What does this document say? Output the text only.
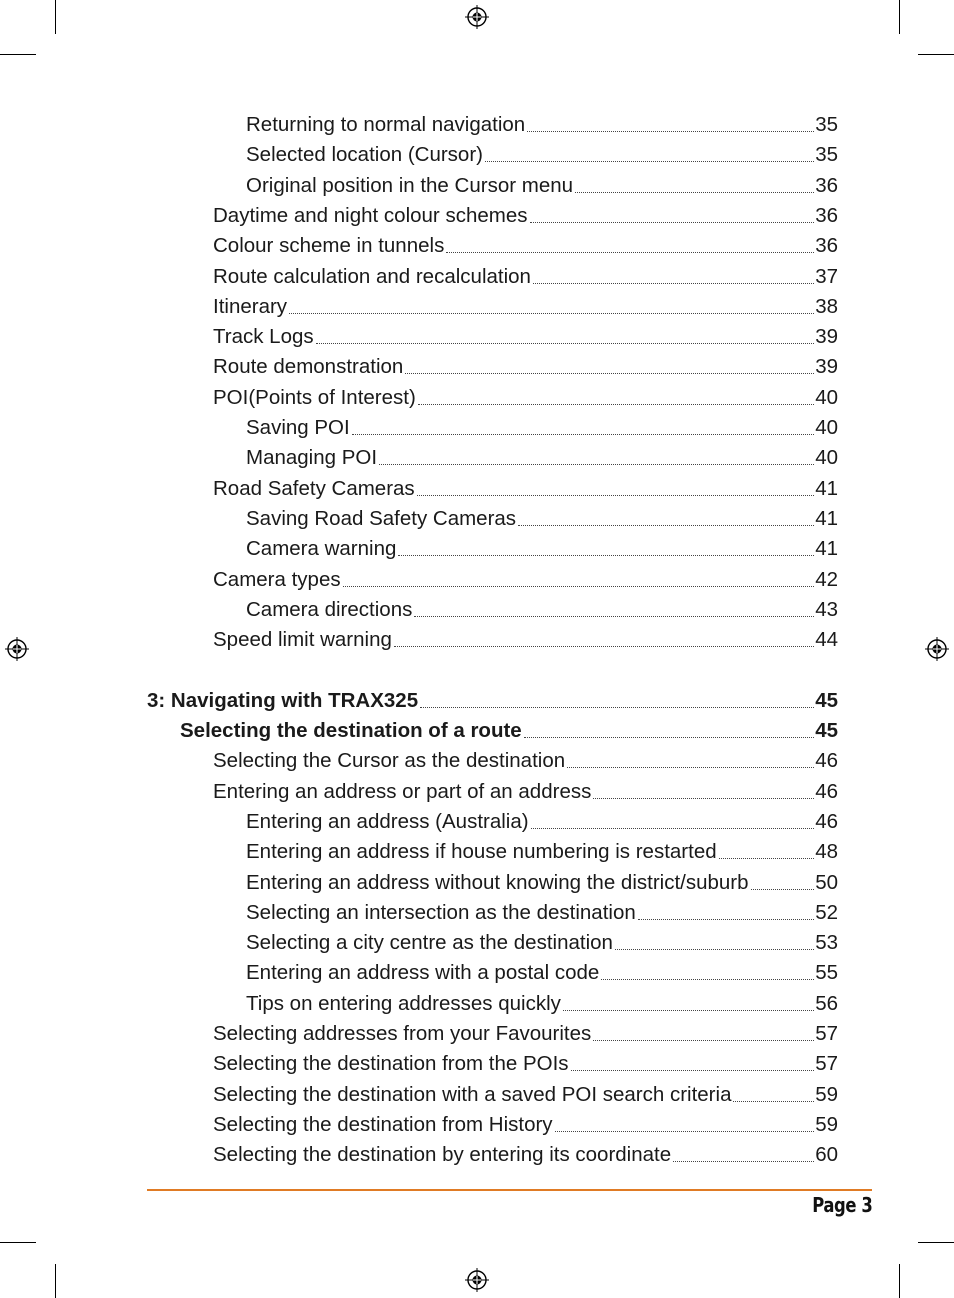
Returning to normal navigation	35
Selected location (Cursor)	35
Original position in the Cursor menu	36
Daytime and night colour schemes	36
Colour scheme in tunnels	36
Route calculation and recalculation	37
Itinerary	38
Track Logs	39
Route demonstration	39
POI(Points of Interest)	40
Saving POI	40
Managing POI	40
Road Safety Cameras	41
Saving Road Safety Cameras	41
Camera warning	41
Camera types	42
Camera directions	43
Speed limit warning	44
3: Navigating with TRAX325	45
Selecting the destination of a route	45
Selecting the Cursor as the destination	46
Entering an address or part of an address	46
Entering an address (Australia)	46
Entering an address if house numbering is restarted	48
Entering an address without knowing the district/suburb	50
Selecting an intersection as the destination	52
Selecting a city centre as the destination	53
Entering an address with a postal code	55
Tips on entering addresses quickly	56
Selecting addresses from your Favourites	57
Selecting the destination from the POIs	57
Selecting the destination with a saved POI search criteria	59
Selecting the destination from History	59
Selecting the destination by entering its coordinate	60
Page 3
